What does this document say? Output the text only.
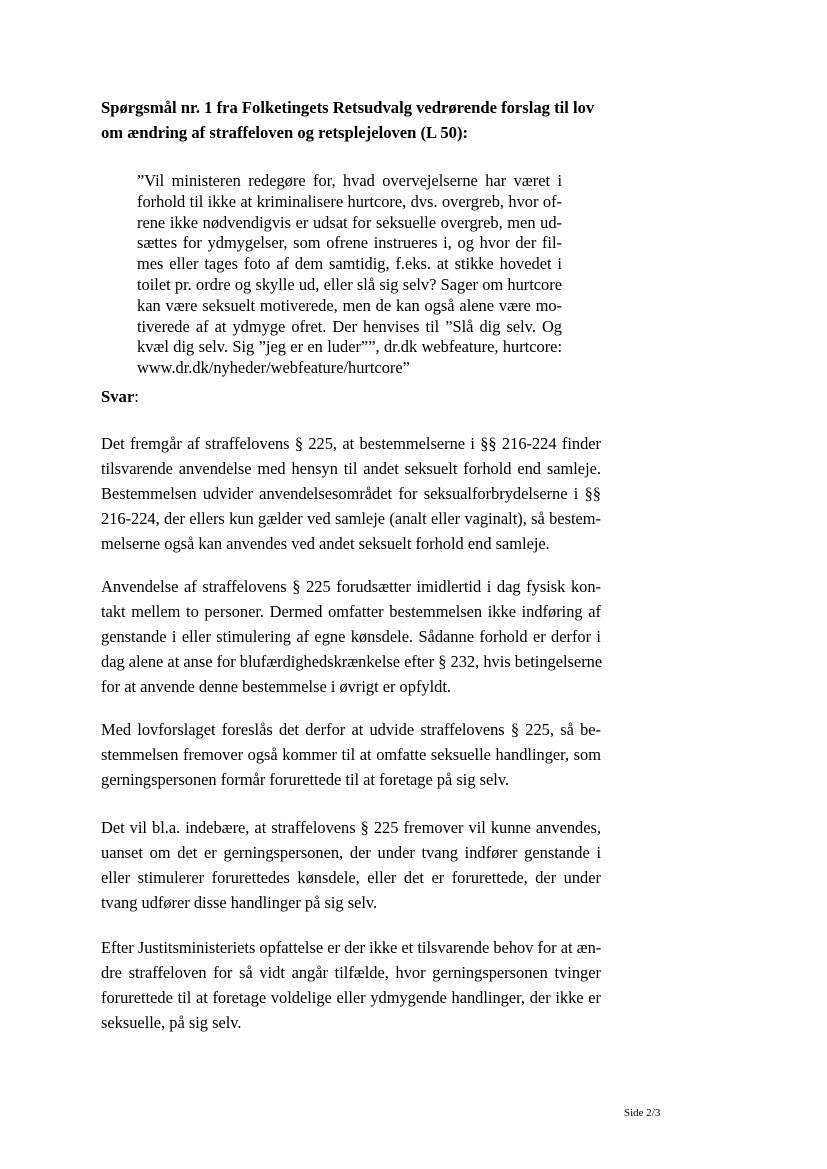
Spørgsmål nr. 1 fra Folketingets Retsudvalg vedrørende forslag til lov
om ændring af straffeloven og retsplejeloven (L 50):
”Vil ministeren redegøre for, hvad overvejelserne har været i
forhold til ikke at kriminalisere hurtcore, dvs. overgreb, hvor of-
rene ikke nødvendigvis er udsat for seksuelle overgreb, men ud-
sættes for ydmygelser, som ofrene instrueres i, og hvor der fil-
mes eller tages foto af dem samtidig, f.eks. at stikke hovedet i
toilet pr. ordre og skylle ud, eller slå sig selv? Sager om hurtcore
kan være seksuelt motiverede, men de kan også alene være mo-
tiverede af at ydmyge ofret. Der henvises til ”Slå dig selv. Og
kvæl dig selv. Sig ”jeg er en luder””, dr.dk webfeature, hurtcore:
www.dr.dk/nyheder/webfeature/hurtcore”
Svar:
Det fremgår af straffelovens § 225, at bestemmelserne i §§ 216-224 finder
tilsvarende anvendelse med hensyn til andet seksuelt forhold end samleje.
Bestemmelsen udvider anvendelsesområdet for seksualforbrydelserne i §§
216-224, der ellers kun gælder ved samleje (analt eller vaginalt), så bestem-
melserne også kan anvendes ved andet seksuelt forhold end samleje.
Anvendelse af straffelovens § 225 forudsætter imidlertid i dag fysisk kon-
takt mellem to personer. Dermed omfatter bestemmelsen ikke indføring af
genstande i eller stimulering af egne kønsdele. Sådanne forhold er derfor i
dag alene at anse for blufærdighedskrænkelse efter § 232, hvis betingelserne
for at anvende denne bestemmelse i øvrigt er opfyldt.
Med lovforslaget foreslås det derfor at udvide straffelovens § 225, så be-
stemmelsen fremover også kommer til at omfatte seksuelle handlinger, som
gerningspersonen formår forurettede til at foretage på sig selv.
Det vil bl.a. indebære, at straffelovens § 225 fremover vil kunne anvendes,
uanset om det er gerningspersonen, der under tvang indfører genstande i
eller stimulerer forurettedes kønsdele, eller det er forurettede, der under
tvang udfører disse handlinger på sig selv.
Efter Justitsministeriets opfattelse er der ikke et tilsvarende behov for at æn-
dre straffeloven for så vidt angår tilfælde, hvor gerningspersonen tvinger
forurettede til at foretage voldelige eller ydmygende handlinger, der ikke er
seksuelle, på sig selv.
Side 2/3
